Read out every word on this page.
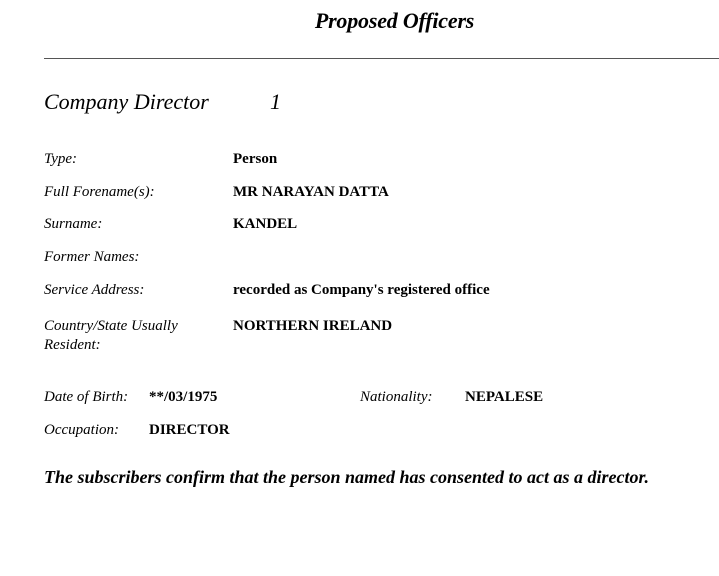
Proposed Officers
Company Director	1
Type:	Person
Full Forename(s):	MR NARAYAN DATTA
Surname:	KANDEL
Former Names:
Service Address:	recorded as Company's registered office
Country/State Usually
Resident:
NORTHERN IRELAND
Date of Birth: **/03/1975	Nationality: NEPALESE
Occupation: DIRECTOR
The subscribers confirm that the person named has consented to act as a director.
